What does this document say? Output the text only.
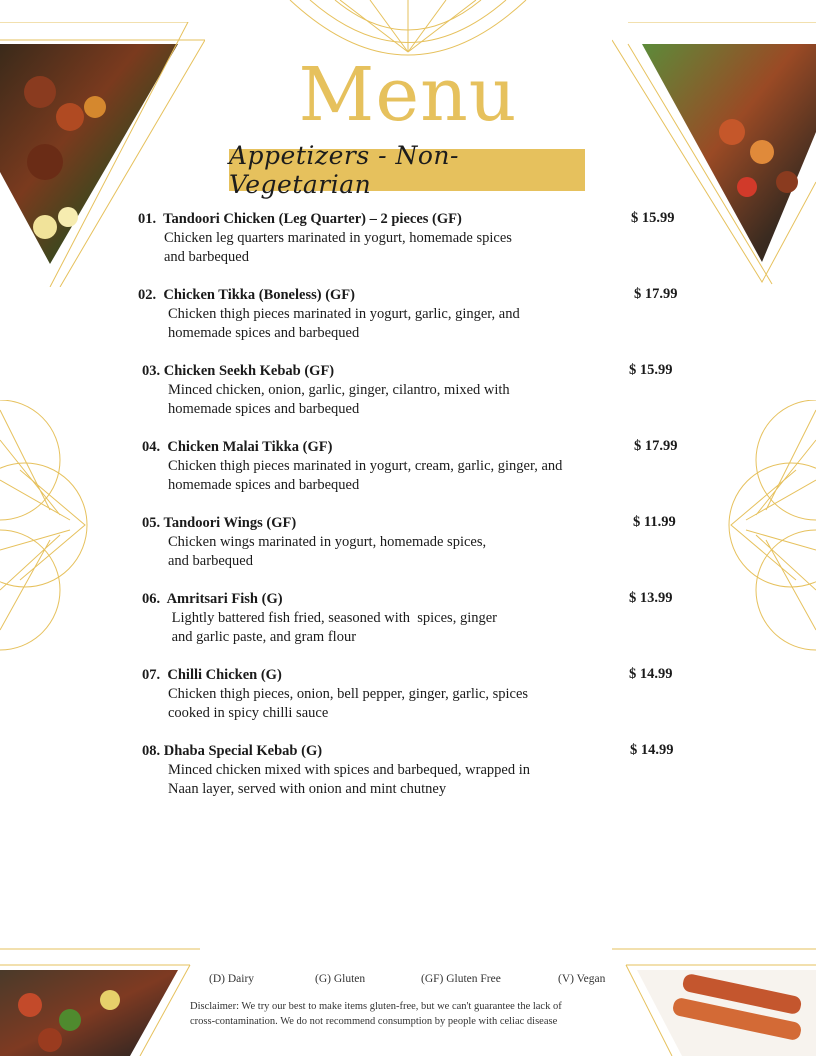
Menu
Appetizers - Non-Vegetarian
01.  Tandoori Chicken (Leg Quarter) – 2 pieces (GF)
Chicken leg quarters marinated in yogurt, homemade spices
and barbequed
$ 15.99
02.  Chicken Tikka (Boneless) (GF)
Chicken thigh pieces marinated in yogurt, garlic, ginger, and
homemade spices and barbequed
$ 17.99
03. Chicken Seekh Kebab (GF)
Minced chicken, onion, garlic, ginger, cilantro, mixed with
homemade spices and barbequed
$ 15.99
04.  Chicken Malai Tikka (GF)
Chicken thigh pieces marinated in yogurt, cream, garlic, ginger, and
homemade spices and barbequed
$ 17.99
05. Tandoori Wings (GF)
Chicken wings marinated in yogurt, homemade spices,
and barbequed
$ 11.99
06.  Amritsari Fish (G)
Lightly battered fish fried, seasoned with  spices, ginger
and garlic paste, and gram flour
$ 13.99
07.  Chilli Chicken (G)
Chicken thigh pieces, onion, bell pepper, ginger, garlic, spices
cooked in spicy chilli sauce
$ 14.99
08. Dhaba Special Kebab (G)
Minced chicken mixed with spices and barbequed, wrapped in
Naan layer, served with onion and mint chutney
$ 14.99
(D) Dairy	(G) Gluten	(GF) Gluten Free	(V) Vegan
Disclaimer: We try our best to make items gluten-free, but we can't guarantee the lack of
cross-contamination. We do not recommend consumption by people with celiac disease
